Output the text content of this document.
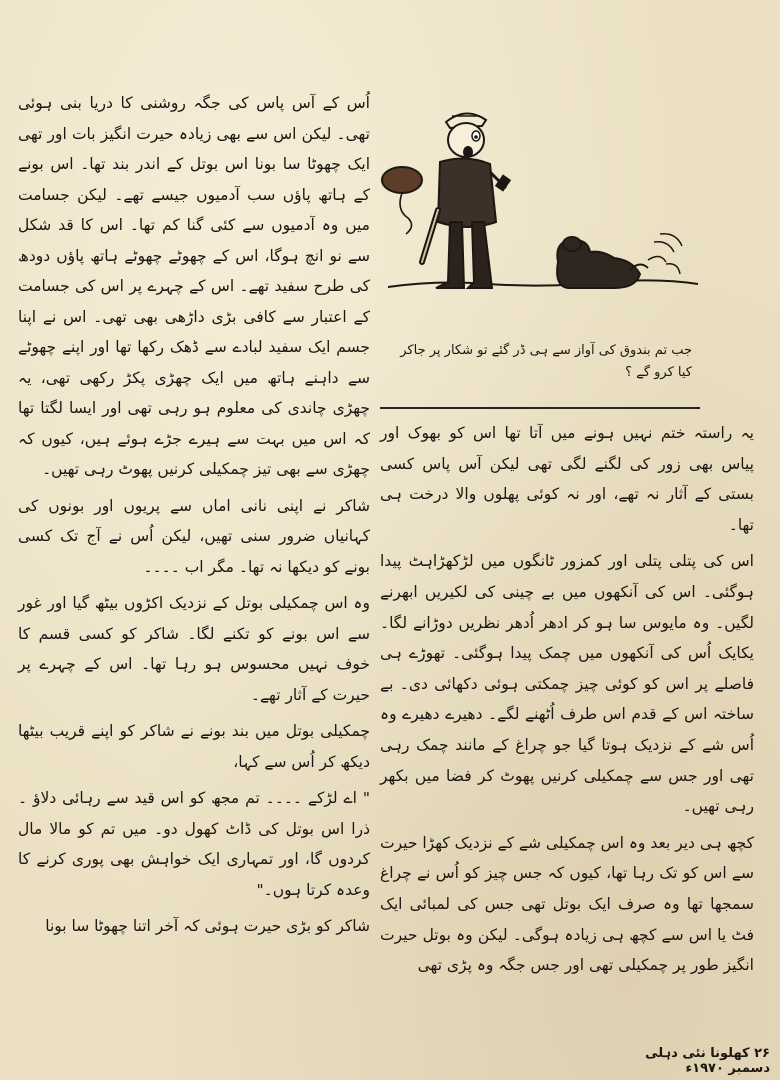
اُس کے آس پاس کی جگہ روشنی کا دریا بنی ہوئی تھی۔ لیکن اس سے بھی زیادہ حیرت انگیز بات اور تھی ایک چھوٹا سا بونا اس بوتل کے اندر بند تھا۔ اس بونے کے ہاتھ پاؤں سب آدمیوں جیسے تھے۔ لیکن جسامت میں وہ آدمیوں سے کئی گنا کم تھا۔ اس کا قد شکل سے نو انچ ہوگا، اس کے چھوٹے چھوٹے ہاتھ پاؤں دودھ کی طرح سفید تھے۔ اس کے چہرے پر اس کی جسامت کے اعتبار سے کافی بڑی داڑھی بھی تھی۔ اس نے اپنا جسم ایک سفید لبادے سے ڈھک رکھا تھا اور اپنے چھوٹے سے داہنے ہاتھ میں ایک چھڑی پکڑ رکھی تھی، یہ چھڑی چاندی کی معلوم ہو رہی تھی اور ایسا لگتا تھا کہ اس میں بہت سے ہیرے جڑے ہوئے ہیں، کیوں کہ چھڑی سے بھی تیز چمکیلی کرنیں پھوٹ رہی تھیں۔

شاکر نے اپنی نانی اماں سے پریوں اور بونوں کی کہانیاں ضرور سنی تھیں، لیکن اُس نے آج تک کسی بونے کو دیکھا نہ تھا۔ مگر اب ۔۔۔۔

وہ اس چمکیلی بوتل کے نزدیک اکڑوں بیٹھ گیا اور غور سے اس بونے کو تکنے لگا۔ شاکر کو کسی قسم کا خوف نہیں محسوس ہو رہا تھا۔ اس کے چہرے پر حیرت کے آثار تھے۔

چمکیلی بوتل میں بند بونے نے شاکر کو اپنے قریب بیٹھا دیکھ کر اُس سے کہا،

" اے لڑکے ۔۔۔۔ تم مجھ کو اس قید سے رہائی دلاؤ ۔ ذرا اس بوتل کی ڈاٹ کھول دو۔ میں تم کو مالا مال کردوں گا، اور تمہاری ایک خواہش بھی پوری کرنے کا وعدہ کرتا ہوں۔"

شاکر کو بڑی حیرت ہوئی کہ آخر اتنا چھوٹا سا بونا

جب تم بندوق کی آواز سے ہی ڈر گئے تو شکار پر جاکر کیا کرو گے ؟

یہ راستہ ختم نہیں ہونے میں آتا تھا اس کو بھوک اور پیاس بھی زور کی لگنے لگی تھی لیکن آس پاس کسی بستی کے آثار نہ تھے، اور نہ کوئی پھلوں والا درخت ہی تھا۔

اس کی پتلی پتلی اور کمزور ٹانگوں میں لڑکھڑاہٹ پیدا ہوگئی۔ اس کی آنکھوں میں بے چینی کی لکیریں ابھرنے لگیں۔ وہ مایوس سا ہو کر ادھر اُدھر نظریں دوڑانے لگا۔ یکایک اُس کی آنکھوں میں چمک پیدا ہوگئی۔ تھوڑے ہی فاصلے پر اس کو کوئی چیز چمکتی ہوئی دکھائی دی۔ بے ساختہ اس کے قدم اس طرف اُٹھنے لگے۔ دھیرے دھیرے وہ اُس شے کے نزدیک ہوتا گیا جو چراغ کے مانند چمک رہی تھی اور جس سے چمکیلی کرنیں پھوٹ کر فضا میں بکھر رہی تھیں۔

کچھ ہی دیر بعد وہ اس چمکیلی شے کے نزدیک کھڑا حیرت سے اس کو تک رہا تھا، کیوں کہ جس چیز کو اُس نے چراغ سمجھا تھا وہ صرف ایک بوتل تھی جس کی لمبائی ایک فٹ یا اس سے کچھ ہی زیادہ ہوگی۔ لیکن وہ بوتل حیرت انگیز طور پر چمکیلی تھی اور جس جگہ وہ پڑی تھی

۲۶ کھلونا نئی دہلی دسمبر ۱۹۷۰ء
